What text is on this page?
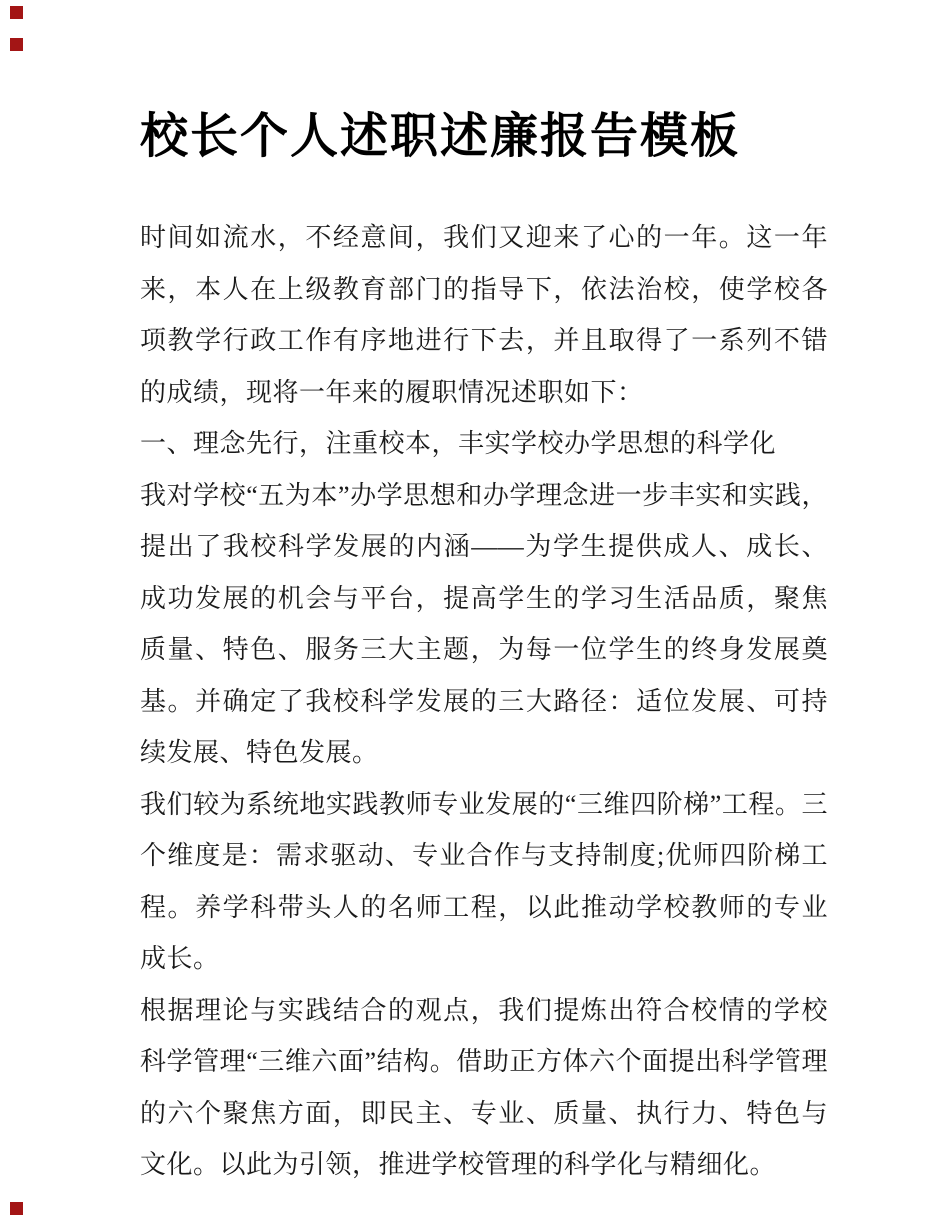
校长个人述职述廉报告模板

时间如流水，不经意间，我们又迎来了心的一年。这一年来，本人在上级教育部门的指导下，依法治校，使学校各项教学行政工作有序地进行下去，并且取得了一系列不错的成绩，现将一年来的履职情况述职如下：

一、理念先行，注重校本，丰实学校办学思想的科学化

我对学校“五为本”办学思想和办学理念进一步丰实和实践，提出了我校科学发展的内涵——为学生提供成人、成长、成功发展的机会与平台，提高学生的学习生活品质，聚焦质量、特色、服务三大主题，为每一位学生的终身发展奠基。并确定了我校科学发展的三大路径：适位发展、可持续发展、特色发展。

我们较为系统地实践教师专业发展的“三维四阶梯”工程。三个维度是：需求驱动、专业合作与支持制度;优师四阶梯工程。养学科带头人的名师工程，以此推动学校教师的专业成长。

根据理论与实践结合的观点，我们提炼出符合校情的学校科学管理“三维六面”结构。借助正方体六个面提出科学管理的六个聚焦方面，即民主、专业、质量、执行力、特色与文化。以此为引领，推进学校管理的科学化与精细化。
